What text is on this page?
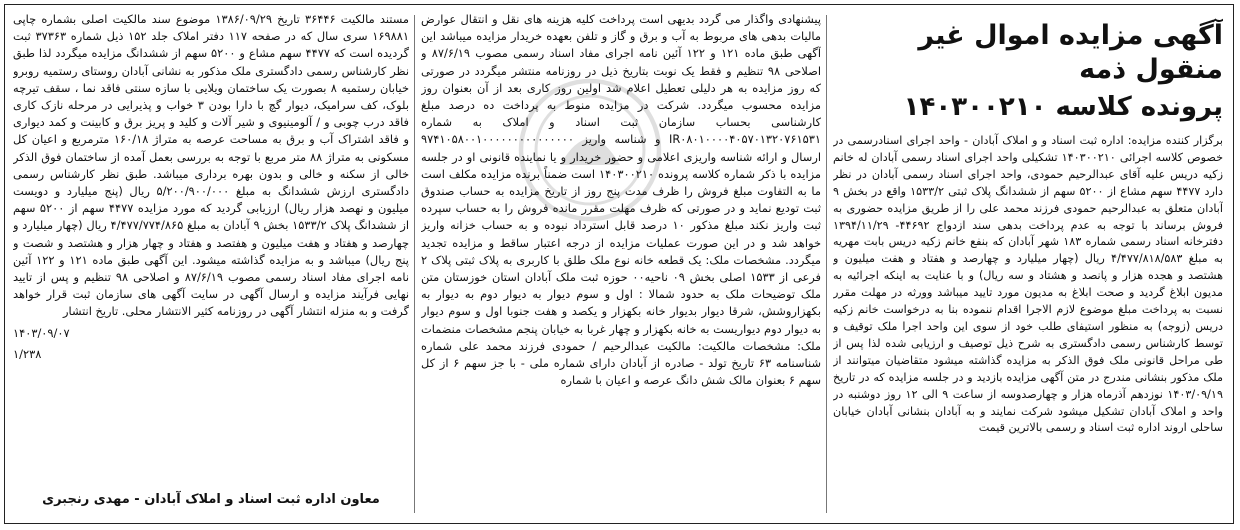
آگهی مزایده اموال غیر منقول ذمه
پرونده کلاسه ۱۴۰۳۰۰۲۱۰

برگزار کننده مزایده: اداره ثبت اسناد و و املاک آبادان - واحد اجرای اسنادرسمی در خصوص کلاسه اجرائی ۱۴۰۳۰۰۲۱۰ تشکیلی واحد اجرای اسناد رسمی آبادان له خانم زکیه دریس علیه آقای عبدالرحیم حمودی، واحد اجرای اسناد رسمی آبادان در نظر دارد ۴۴۷۷ سهم مشاع از ۵۲۰۰ سهم از ششدانگ پلاک ثبتی ۱۵۳۳/۲ واقع در بخش ۹ آبادان متعلق به عبدالرحیم حمودی فرزند محمد علی را از طریق مزایده حضوری به فروش برساند با توجه به عدم پرداخت بدهی سند ازدواج ۴۴۶۹۲- ۱۳۹۴/۱۱/۲۹ دفترخانه اسناد رسمی شماره ۱۸۳ شهر آبادان که بنفع خانم زکیه دریس بابت مهریه به مبلغ ۴/۴۷۷/۸۱۸/۵۸۳ ریال (چهار میلیارد و چهارصد و هفتاد و هفت میلیون و هشتصد و هجده هزار و پانصد و هشتاد و سه ریال) و با عنایت به اینکه اجرائیه به مدیون ابلاغ گردید و صحت ابلاغ به مدیون مورد تایید میباشد وورثه در مهلت مقرر نسبت به پرداخت مبلغ موضوع لازم الاجرا اقدام ننموده بنا به درخواست خانم زکیه دریس (زوجه) به منظور استیفای طلب خود از سوی این واحد اجرا ملک توقیف و توسط کارشناس رسمی دادگستری به شرح ذیل توصیف و ارزیابی شده لذا پس از طی مراحل قانونی ملک فوق الذکر به مزایده گذاشته میشود متقاضیان میتوانند از ملک مذکور بنشانی مندرج در متن آگهی مزایده بازدید و در جلسه مزایده که در تاریخ ۱۴۰۳/۰۹/۱۹ نوزدهم آذرماه هزار و چهارصدوسه از ساعت ۹ الی ۱۲ روز دوشنبه در واحد و املاک آبادان تشکیل میشود شرکت نمایند و به آبادان بنشانی آبادان خیابان ساحلی اروند اداره ثبت اسناد و رسمی بالاترین قیمت

پیشنهادی واگذار می گردد بدیهی است پرداخت کلیه هزینه های نقل و انتقال عوارض مالیات بدهی های مربوط به آب و برق و گاز و تلفن بعهده خریدار مزایده میباشد این آگهی طبق ماده ۱۲۱ و ۱۲۲ آئین نامه اجرای مفاد اسناد رسمی مصوب ۸۷/۶/۱۹ و اصلاحی ۹۸ تنظیم و فقط یک نوبت بتاریخ ذیل در روزنامه منتشر میگردد در صورتی که روز مزایده به هر دلیلی تعطیل اعلام شد اولین روز کاری بعد از آن بعنوان روز مزایده محسوب میگردد. شرکت در مزایده منوط به پرداخت ده درصد مبلغ کارشناسی بحساب سازمان ثبت اسناد و املاک به شماره IR۰۸۰۱۰۰۰۰۴۰۵۷۰۱۳۲۰۷۶۱۵۳۱ و شناسه واریز ۹۷۴۱۰۵۸۰۰۱۰۰۰۰۰۰۰۰۰۰۰۰۰۰۰ ارسال و ارائه شناسه واریزی اعلامی و حضور خریدار و یا نماینده قانونی او در جلسه مزایده با ذکر شماره کلاسه پرونده ۱۴۰۳۰۰۲۱۰ است ضمناً برنده مزایده مکلف است ما به التفاوت مبلغ فروش را ظرف مدت پنج روز از تاریخ مزایده به حساب صندوق ثبت تودیع نماید و در صورتی که ظرف مهلت مقرر مانده فروش را به حساب سپرده ثبت واریز نکند مبلغ مذکور ۱۰ درصد قابل استرداد نبوده و به حساب خزانه واریز خواهد شد و در این صورت عملیات مزایده از درجه اعتبار ساقط و مزایده تجدید میگردد. مشخصات ملک: یک قطعه خانه نوع ملک طلق با کاربری به پلاک ثبتی پلاک ۲ فرعی از ۱۵۳۳ اصلی بخش ۰۹ ناحیه۰۰ حوزه ثبت ملک آبادان استان خوزستان متن ملک توضیحات ملک به حدود شمالا : اول و سوم دیوار به دیوار دوم به دیوار به بکهزاروشش، شرقا دیوار بدیوار خانه بکهزار و یکصد و هفت جنوبا اول و سوم دیوار به دیوار دوم دیواریست به خانه بکهزار و چهار غربا به خیابان پنجم مشخصات منضمات ملک: مشخصات مالکیت: مالکیت عبدالرحیم / حمودی فرزند محمد علی شماره شناسنامه ۶۳ تاریخ تولد - صادره از آبادان دارای شماره ملی - با جز سهم ۶ از کل سهم ۶ بعنوان مالک شش دانگ عرصه و اعیان با شماره

مستند مالکیت ۳۶۴۴۶ تاریخ ۱۳۸۶/۰۹/۲۹ موضوع سند مالکیت اصلی بشماره چاپی ۱۶۹۸۸۱ سری سال که در صفحه ۱۱۷ دفتر املاک جلد ۱۵۲ ذیل شماره ۳۷۳۶۳ ثبت گردیده است که ۴۴۷۷ سهم مشاع و ۵۲۰۰ سهم از ششدانگ مزایده میگردد لذا طبق نظر کارشناس رسمی دادگستری ملک مذکور به نشانی آبادان روستای رستمیه روبرو خیابان رستمیه ۸ بصورت یک ساختمان ویلایی با سازه سنتی فاقد نما ، سقف تیرچه بلوک، کف سرامیک، دیوار گچ با دارا بودن ۳ خواب و پذیرایی در مرحله نازک کاری فاقد درب چوبی و / آلومینیوی و شیر آلات و کلید و پریز برق و کابینت و کمد دیواری و فاقد اشتراک آب و برق به مساحت عرصه به متراژ ۱۶۰/۱۸ مترمربع و اعیان کل مسکونی به متراژ ۸۸ متر مربع با توجه به بررسی بعمل آمده از ساختمان فوق الذکر خالی از سکنه و خالی و بدون بهره برداری میباشد. طبق نظر کارشناس رسمی دادگستری ارزش ششدانگ به مبلغ ۵/۲۰۰/۹۰۰/۰۰۰ ریال (پنج میلیارد و دویست میلیون و نهصد هزار ریال) ارزیابی گردید که مورد مزایده ۴۴۷۷ سهم از ۵۲۰۰ سهم از ششدانگ پلاک ۱۵۳۳/۲ بخش ۹ آبادان به مبلغ ۴/۴۷۷/۷۷۴/۸۶۵ ریال (چهار میلیارد و چهارصد و هفتاد و هفت میلیون و هفتصد و هفتاد و چهار هزار و هشتصد و شصت و پنج ریال) میباشد و به مزایده گذاشته میشود. این آگهی طبق ماده ۱۲۱ و ۱۲۲ آئین نامه اجرای مفاد اسناد رسمی مصوب ۸۷/۶/۱۹ و اصلاحی ۹۸ تنظیم و پس از تایید نهایی فرآیند مزایده و ارسال آگهی در سایت آگهی های سازمان ثبت قرار خواهد گرفت و به منزله انتشار آگهی در روزنامه کثیر الانتشار محلی. تاریخ انتشار

۱۴۰۳/۰۹/۰۷
۱/۲۳۸
معاون اداره ثبت اسناد و املاک آبادان - مهدی رنجبری
